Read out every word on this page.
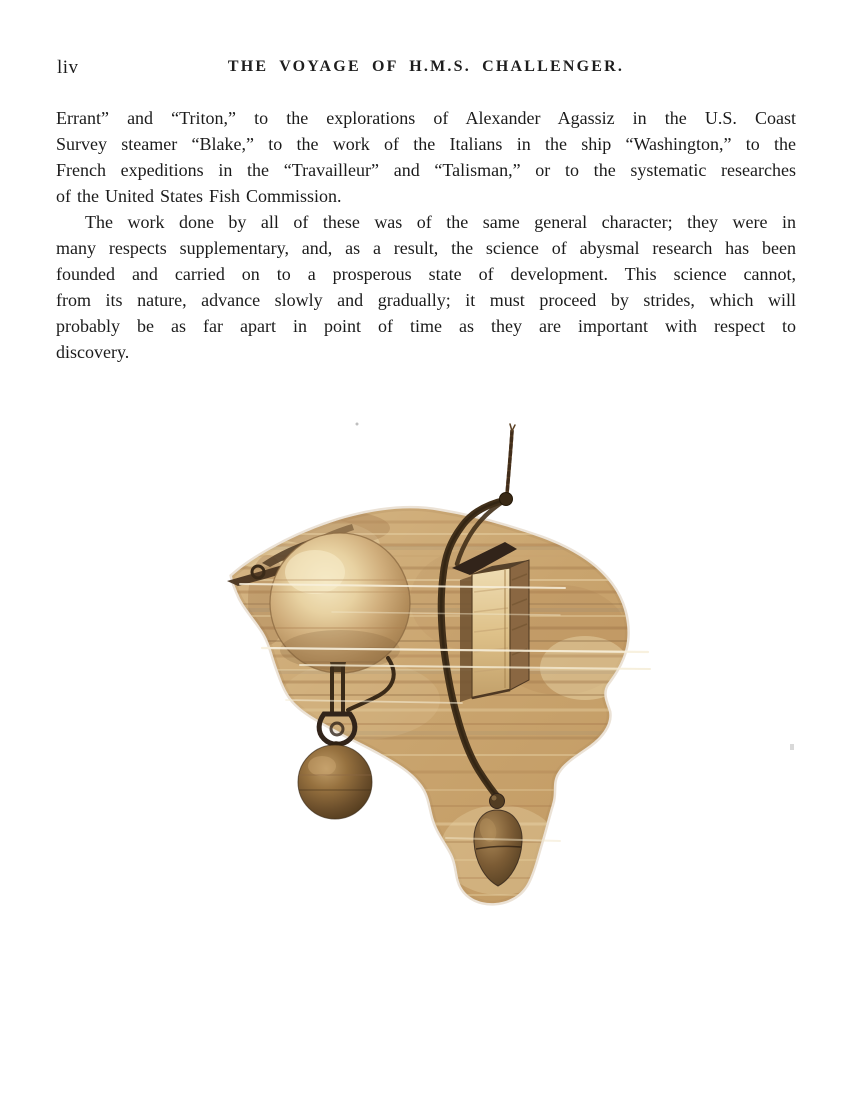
liv	THE VOYAGE OF H.M.S. CHALLENGER.
Errant” and “Triton,” to the explorations of Alexander Agassiz in the U.S. Coast
Survey steamer “Blake,” to the work of the Italians in the ship “Washington,” to the
French expeditions in the “Travailleur” and “Talisman,” or to the systematic researches
of the United States Fish Commission.
The work done by all of these was of the same general character; they were in
many respects supplementary, and, as a result, the science of abysmal research has been
founded and carried on to a prosperous state of development. This science cannot,
from its nature, advance slowly and gradually; it must proceed by strides, which will
probably be as far apart in point of time as they are important with respect to
discovery.
